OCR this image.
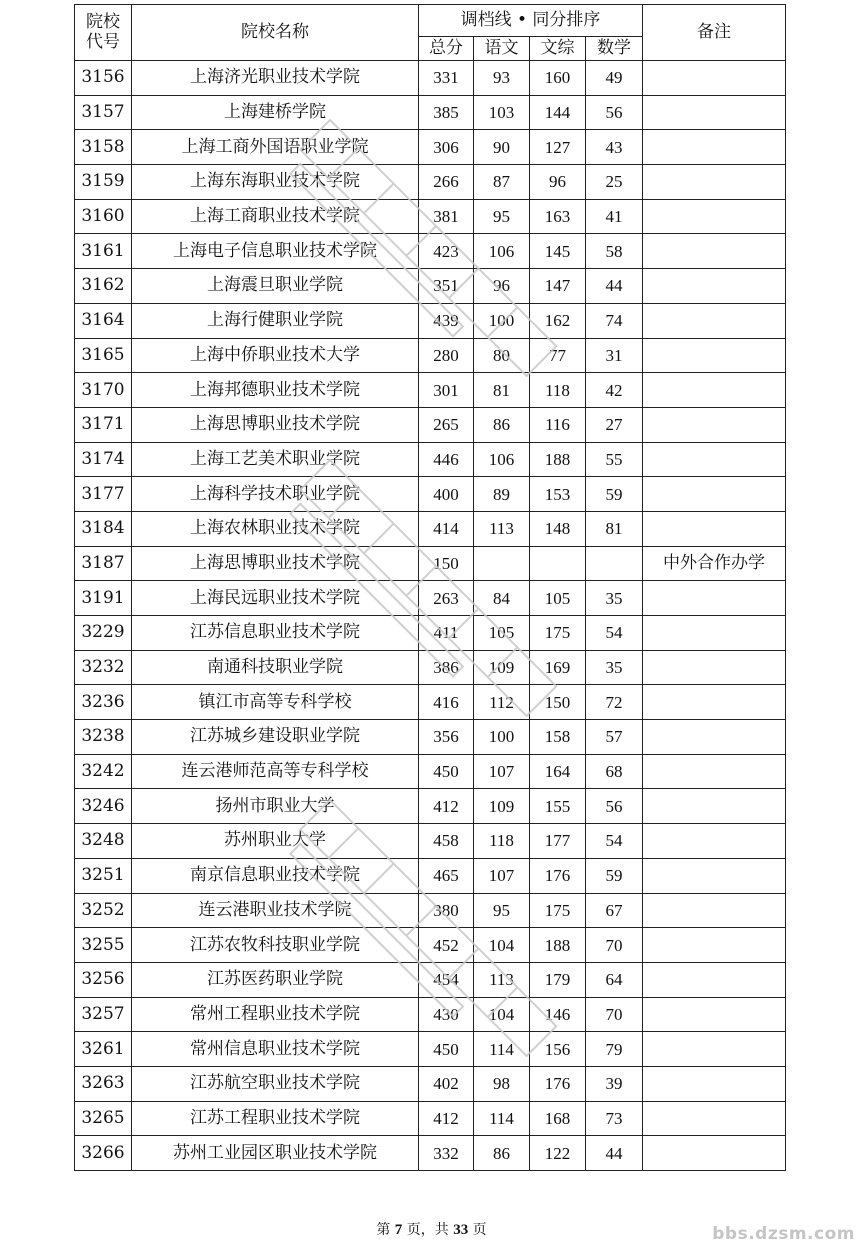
院校
代号	院校名称	调档线 • 同分排序				备注
		总分	语文	文综	数学	
3156	上海济光职业技术学院	331	93	160	49	
3157	上海建桥学院	385	103	144	56	
3158	上海工商外国语职业学院	306	90	127	43	
3159	上海东海职业技术学院	266	87	96	25	
3160	上海工商职业技术学院	381	95	163	41	
3161	上海电子信息职业技术学院	423	106	145	58	
3162	上海震旦职业学院	351	96	147	44	
3164	上海行健职业学院	439	100	162	74	
3165	上海中侨职业技术大学	280	80	77	31	
3170	上海邦德职业技术学院	301	81	118	42	
3171	上海思博职业技术学院	265	86	116	27	
3174	上海工艺美术职业学院	446	106	188	55	
3177	上海科学技术职业学院	400	89	153	59	
3184	上海农林职业技术学院	414	113	148	81	
3187	上海思博职业技术学院	150				中外合作办学
3191	上海民远职业技术学院	263	84	105	35	
3229	江苏信息职业技术学院	411	105	175	54	
3232	南通科技职业学院	386	109	169	35	
3236	镇江市高等专科学校	416	112	150	72	
3238	江苏城乡建设职业学院	356	100	158	57	
3242	连云港师范高等专科学校	450	107	164	68	
3246	扬州市职业大学	412	109	155	56	
3248	苏州职业大学	458	118	177	54	
3251	南京信息职业技术学院	465	107	176	59	
3252	连云港职业技术学院	380	95	175	67	
3255	江苏农牧科技职业学院	452	104	188	70	
3256	江苏医药职业学院	454	113	179	64	
3257	常州工程职业技术学院	430	104	146	70	
3261	常州信息职业技术学院	450	114	156	79	
3263	江苏航空职业技术学院	402	98	176	39	
3265	江苏工程职业技术学院	412	114	168	73	
3266	苏州工业园区职业技术学院	332	86	122	44	
第 7 页，共 33 页	bbs.dzsm.com
